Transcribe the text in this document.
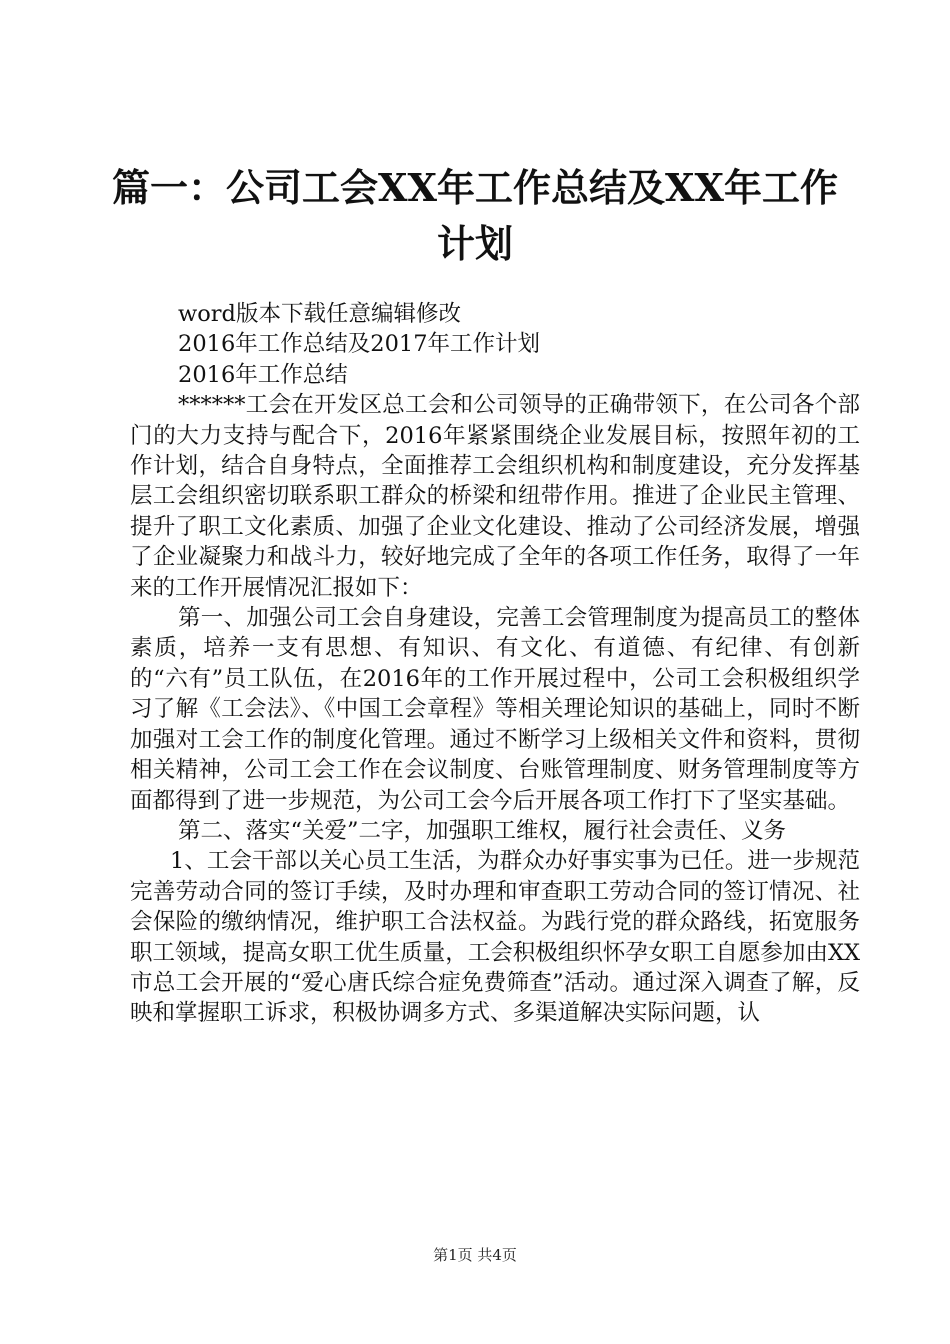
篇一：公司工会XX年工作总结及XX年工作计划

word版本下载任意编辑修改

2016年工作总结及2017年工作计划

2016年工作总结

******工会在开发区总工会和公司领导的正确带领下，在公司各个部门的大力支持与配合下，2016年紧紧围绕企业发展目标，按照年初的工作计划，结合自身特点，全面推荐工会组织机构和制度建设，充分发挥基层工会组织密切联系职工群众的桥梁和纽带作用。推进了企业民主管理、提升了职工文化素质、加强了企业文化建设、推动了公司经济发展，增强了企业凝聚力和战斗力，较好地完成了全年的各项工作任务，取得了一年来的工作开展情况汇报如下：

第一、加强公司工会自身建设，完善工会管理制度为提高员工的整体素质，培养一支有思想、有知识、有文化、有道德、有纪律、有创新的“六有”员工队伍，在2016年的工作开展过程中，公司工会积极组织学习了解《工会法》、《中国工会章程》等相关理论知识的基础上，同时不断加强对工会工作的制度化管理。通过不断学习上级相关文件和资料，贯彻相关精神，公司工会工作在会议制度、台账管理制度、财务管理制度等方面都得到了进一步规范，为公司工会今后开展各项工作打下了坚实基础。

第二、落实“关爱”二字，加强职工维权，履行社会责任、义务

1、工会干部以关心员工生活，为群众办好事实事为已任。进一步规范完善劳动合同的签订手续，及时办理和审查职工劳动合同的签订情况、社会保险的缴纳情况，维护职工合法权益。为践行党的群众路线，拓宽服务职工领域，提高女职工优生质量，工会积极组织怀孕女职工自愿参加由XX市总工会开展的“爱心唐氏综合症免费筛查”活动。通过深入调查了解，反映和掌握职工诉求，积极协调多方式、多渠道解决实际问题，认

第1页 共4页
